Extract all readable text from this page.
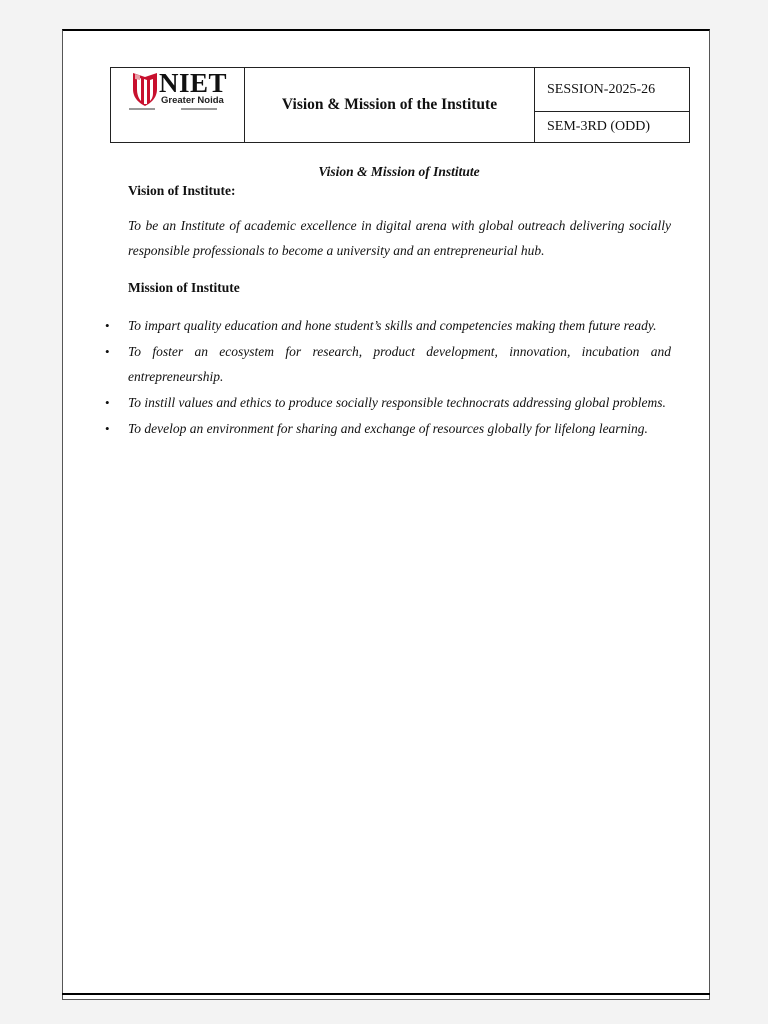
NIET
Greater Noida	Vision & Mission of the Institute	SESSION-2025-26
SEM-3RD (ODD)
Vision & Mission of Institute
Vision of Institute:
To be an Institute of academic excellence in digital arena with global outreach delivering socially responsible professionals to become a university and an entrepreneurial hub.
Mission of Institute
• To impart quality education and hone student’s skills and competencies making them future ready.
• To foster an ecosystem for research, product development, innovation, incubation and entrepreneurship.
• To instill values and ethics to produce socially responsible technocrats addressing global problems.
• To develop an environment for sharing and exchange of resources globally for lifelong learning.
